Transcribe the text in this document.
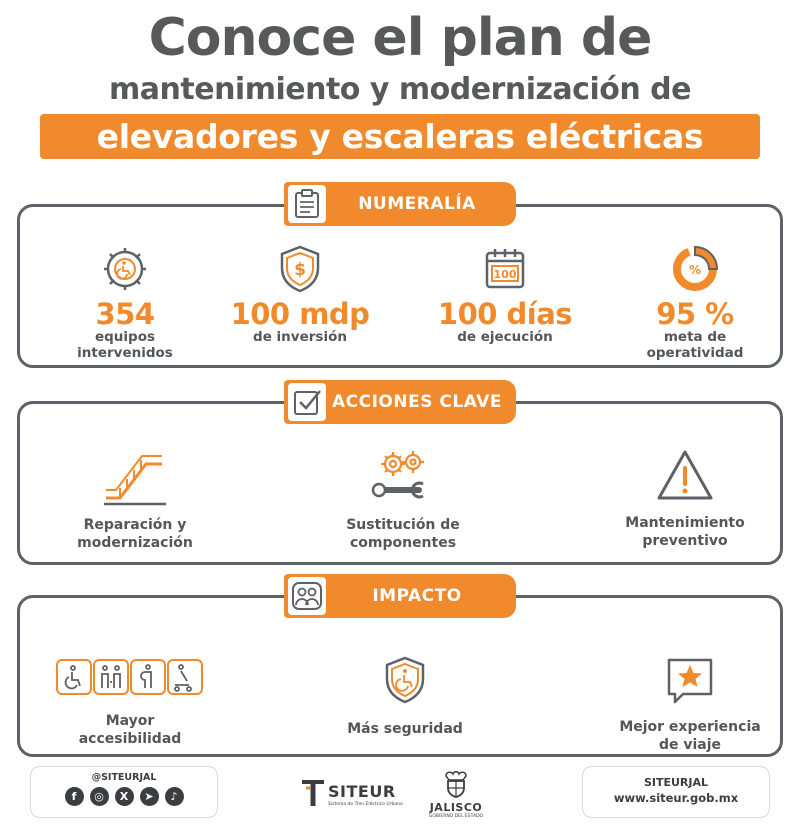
Conoce el plan de
mantenimiento y modernización de
elevadores y escaleras eléctricas
354
equipos
intervenidos
$
100 mdp
de inversión
100
100 días
de ejecución
%
95 %
meta de
operatividad
NUMERALÍA
Reparación y
modernización
Sustitución de
componentes
Mantenimiento
preventivo
ACCIONES CLAVE
Mayor
accesibilidad
Más seguridad	Mejor experiencia
de viaje
IMPACTO
@SITEURJAL
f	◎	X	➤	♪	SITEUR
Sistema de Tren Eléctrico Urbano	JALISCO
GOBIERNO DEL ESTADO
SITEURJAL
www.siteur.gob.mx
